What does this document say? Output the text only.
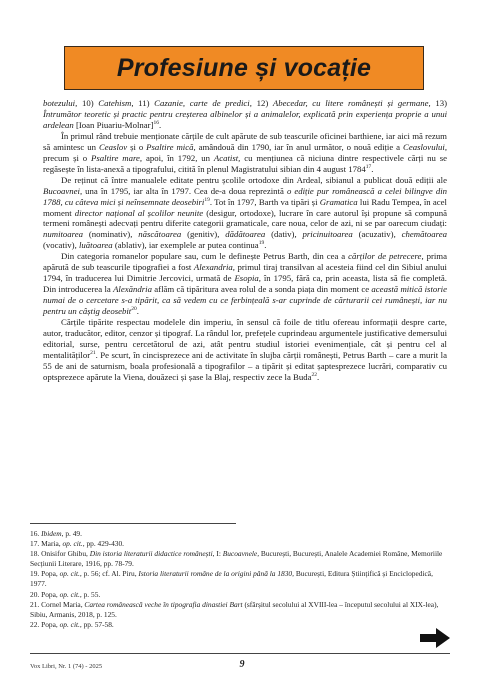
Profesiune și vocație

botezului, 10) Catehism, 11) Cazanie, carte de predici, 12) Abecedar, cu litere românești și germane, 13) Întrumător teoretic și practic pentru creșterea albinelor și a animalelor, explicată prin experiența proprie a unui ardelean [Ioan Piuariu-Molnar]$^{16}$.

În primul rând trebuie menționate cărțile de cult apărute de sub teascurile oficinei barthiene, iar aici mă rezum să amintesc un Ceaslov și o Psaltire mică, amândouă din 1790, iar în anul următor, o nouă ediție a Ceaslovului, precum și o Psaltire mare, apoi, în 1792, un Acatist, cu mențiunea că niciuna dintre respectivele cărți nu se regăsește în lista-anexă a tipografului, citită în plenul Magistratului sibian din 4 august 1784$^{17}$.

De reținut că între manualele editate pentru școlile ortodoxe din Ardeal, sibianul a publicat două ediții ale Bucoavnei, una în 1795, iar alta în 1797. Cea de-a doua reprezintă o ediție pur românească a celei bilingve din 1788, cu câteva mici și neînsemnate deosebiri$^{19}$. Tot în 1797, Barth va tipări și Gramatica lui Radu Tempea, în acel moment director național al școlilor neunite (desigur, ortodoxe), lucrare în care autorul își propune să compună termeni românești adecvați pentru diferite categorii gramaticale, care noua, celor de azi, ni se par oarecum ciudați: numitoarea (nominativ), născătoarea (genitiv), dădătoarea (dativ), pricinuitoarea (acuzativ), chemătoarea (vocativ), luătoarea (ablativ), iar exemplele ar putea continua$^{19}$.

Din categoria romanelor populare sau, cum le definește Petrus Barth, din cea a cărților de petrecere, prima apărută de sub teascurile tipografiei a fost Alexandria, primul tiraj transilvan al acesteia fiind cel din Sibiul anului 1794, în traducerea lui Dimitrie Jercovici, urmată de Esopia, în 1795, fără ca, prin aceasta, lista să fie completă. Din introducerea la Alexăndria aflăm că tipăritura avea rolul de a sonda piața din moment ce această mitică istorie numai de o cercetare s-a tipărit, ca să vedem cu ce ferbințeală s-ar cuprinde de cărturarii cei rumânești, iar nu pentru un câștig deosebit$^{20}$.

Cărțile tipărite respectau modelele din imperiu, în sensul că foile de titlu ofereau informații despre carte, autor, traducător, editor, cenzor și tipograf. La rândul lor, prefețele cuprindeau argumentele justificative demersului editorial, surse, pentru cercetătorul de azi, atât pentru studiul istoriei evenimențiale, cât și pentru cel al mentalităților$^{21}$. Pe scurt, în cincisprezece ani de activitate în slujba cărții românești, Petrus Barth – care a murit la 55 de ani de saturnism, boala profesională a tipografilor – a tipărit și editat șaptesprezece lucrări, comparativ cu optsprezece apărute la Viena, douăzeci și șase la Blaj, respectiv zece la Buda$^{22}$.

16. Ibidem, p. 49.
17. Maria, op. cit., pp. 429-430.
18. Onisifor Ghibu, Din istoria literaturii didactice românești, I: Bucoavnele, București, București, Analele Academiei Române, Memoriile Secțiunii Literare, 1916, pp. 78-79.
19. Popa, op. cit., p. 56; cf. Al. Piru, Istoria literaturii române de la origini până la 1830, București, Editura Științifică și Enciclopedică, 1977.
20. Popa, op. cit., p. 55.
21. Cornel Maria, Cartea românească veche în tipografia dinastiei Bart (sfârșitul secolului al XVIII-lea – începutul secolului al XIX-lea), Sibiu, Armanis, 2018, p. 125.
22. Popa, op. cit., pp. 57-58.
Vox Libri, Nr. 1 (74) - 2025	9
